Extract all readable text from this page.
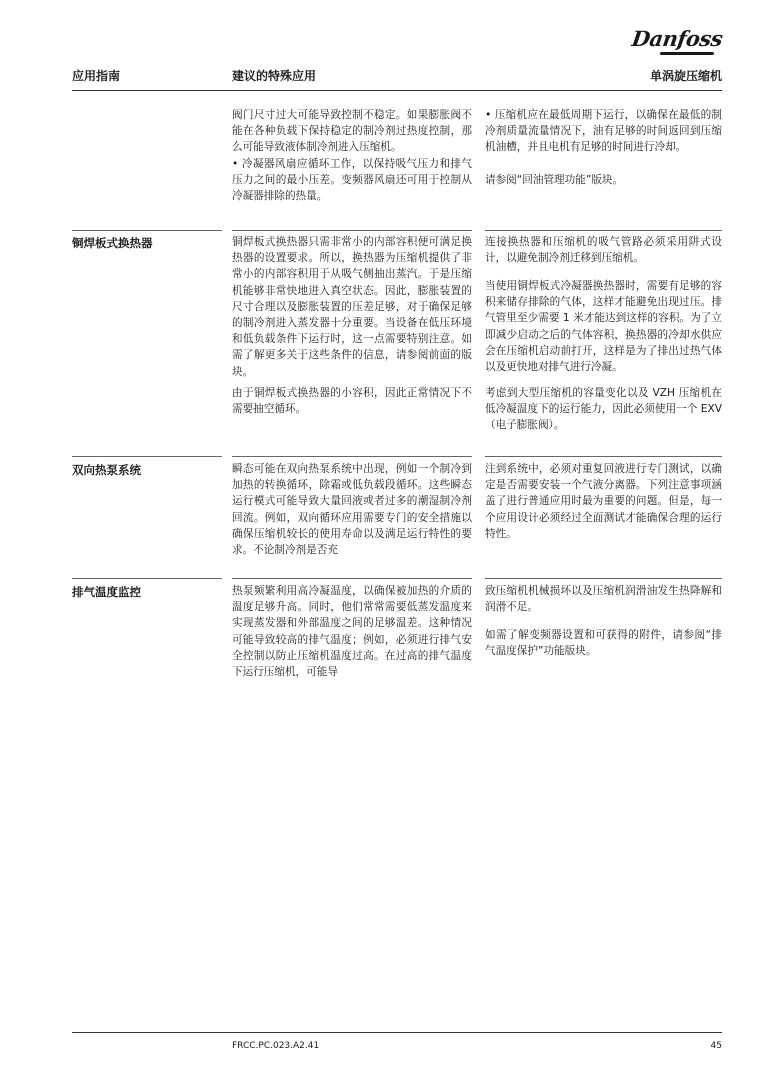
Danfoss
应用指南	建议的特殊应用	单涡旋压缩机

阀门尺寸过大可能导致控制不稳定。如果膨胀阀不能在各种负载下保持稳定的制冷剂过热度控制，那么可能导致液体制冷剂进入压缩机。
• 冷凝器风扇应循环工作，以保持吸气压力和排气压力之间的最小压差。变频器风扇还可用于控制从冷凝器排除的热量。

• 压缩机应在最低周期下运行，以确保在最低的制冷剂质量流量情况下，油有足够的时间返回到压缩机油槽，并且电机有足够的时间进行冷却。

请参阅“回油管理功能”版块。

铜焊板式换热器	铜焊板式换热器只需非常小的内部容积便可满足换热器的设置要求。所以，换热器为压缩机提供了非常小的内部容积用于从吸气侧抽出蒸汽。于是压缩机能够非常快地进入真空状态。因此，膨胀装置的尺寸合理以及膨胀装置的压差足够，对于确保足够的制冷剂进入蒸发器十分重要。当设备在低压环境和低负载条件下运行时，这一点需要特别注意。如需了解更多关于这些条件的信息，请参阅前面的版块。

由于铜焊板式换热器的小容积，因此正常情况下不需要抽空循环。

连接换热器和压缩机的吸气管路必须采用阱式设计，以避免制冷剂迁移到压缩机。

当使用铜焊板式冷凝器换热器时，需要有足够的容积来储存排除的气体，这样才能避免出现过压。排气管里至少需要 1 米才能达到这样的容积。为了立即减少启动之后的气体容积，换热器的冷却水供应会在压缩机启动前打开，这样是为了排出过热气体以及更快地对排气进行冷凝。

考虑到大型压缩机的容量变化以及 VZH 压缩机在低冷凝温度下的运行能力，因此必须使用一个 EXV（电子膨胀阀）。

双向热泵系统	瞬态可能在双向热泵系统中出现，例如一个制冷到加热的转换循环，除霜或低负载段循环。这些瞬态运行模式可能导致大量回液或者过多的潮湿制冷剂回流。例如，双向循环应用需要专门的安全措施以确保压缩机较长的使用寿命以及满足运行特性的要求。不论制冷剂是否充

注到系统中，必须对重复回液进行专门测试，以确定是否需要安装一个气液分离器。下列注意事项涵盖了进行普通应用时最为重要的问题。但是，每一个应用设计必须经过全面测试才能确保合理的运行特性。

排气温度监控	热泵频繁利用高冷凝温度，以确保被加热的介质的温度足够升高。同时，他们常常需要低蒸发温度来实现蒸发器和外部温度之间的足够温差。这种情况可能导致较高的排气温度；例如，必须进行排气安全控制以防止压缩机温度过高。在过高的排气温度下运行压缩机，可能导

致压缩机机械损坏以及压缩机润滑油发生热降解和润滑不足。

如需了解变频器设置和可获得的附件，请参阅“排气温度保护”功能版块。

FRCC.PC.023.A2.41	45
